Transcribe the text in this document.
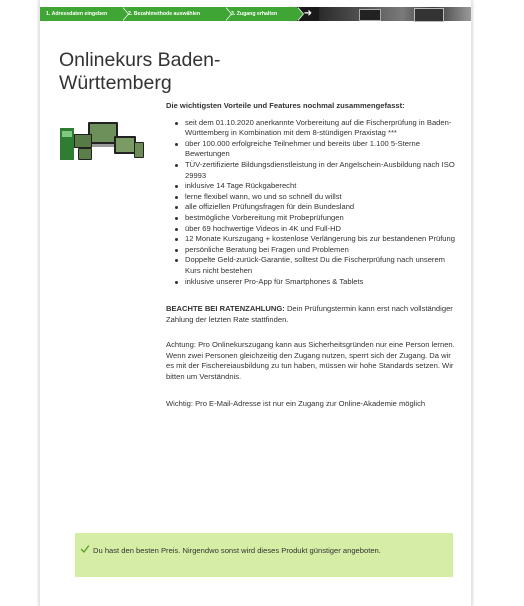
1. Adressdaten eingeben	2. Bezahlmethode auswählen	3. Zugang erhalten	➜
Onlinekurs Baden-
Württemberg

Die wichtigsten Vorteile und Features nochmal zusammengefasst:

seit dem 01.10.2020 anerkannte Vorbereitung auf die Fischerprüfung in Baden-Württemberg in Kombination mit dem 8-stündigen Praxistag ***
über 100.000 erfolgreiche Teilnehmer und bereits über 1.100 5-Sterne Bewertungen
TÜV-zertifizierte Bildungsdienstleistung in der Angelschein-Ausbildung nach ISO 29993
inklusive 14 Tage Rückgaberecht
lerne flexibel wann, wo und so schnell du willst
alle offiziellen Prüfungsfragen für dein Bundesland
bestmögliche Vorbereitung mit Probeprüfungen
über 69 hochwertige Videos in 4K und Full-HD
12 Monate Kurszugang + kostenlose Verlängerung bis zur bestandenen Prüfung
persönliche Beratung bei Fragen und Problemen
Doppelte Geld-zurück-Garantie, solltest Du die Fischerprüfung nach unserem Kurs nicht bestehen
inklusive unserer Pro-App für Smartphones & Tablets

BEACHTE BEI RATENZAHLUNG: Dein Prüfungstermin kann erst nach vollständiger Zahlung der letzten Rate stattfinden.

Achtung: Pro Onlinekurszugang kann aus Sicherheitsgründen nur eine Person lernen. Wenn zwei Personen gleichzeitig den Zugang nutzen, sperrt sich der Zugang. Da wir es mit der Fischereiausbildung zu tun haben, müssen wir hohe Standards setzen. Wir bitten um Verständnis.

Wichtig: Pro E-Mail-Adresse ist nur ein Zugang zur Online-Akademie möglich

Du hast den besten Preis. Nirgendwo sonst wird dieses Produkt günstiger angeboten.
